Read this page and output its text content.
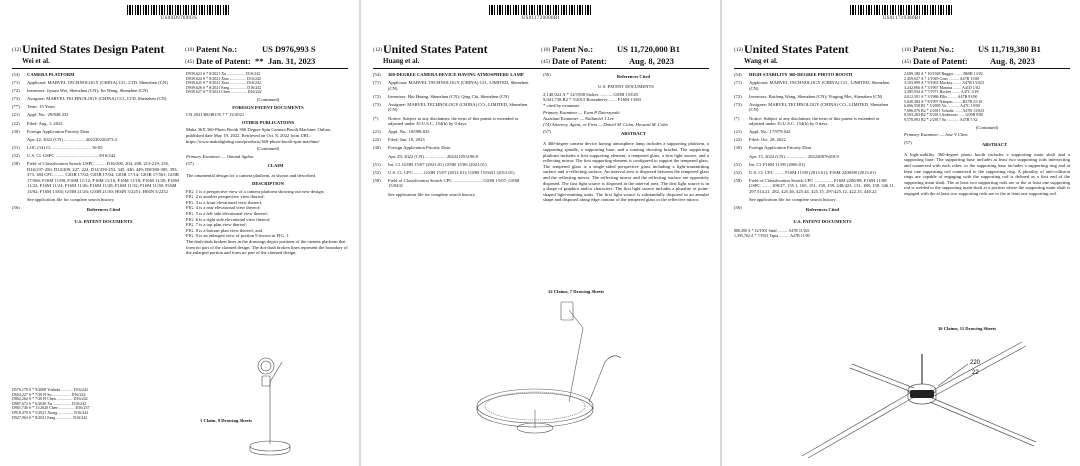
US00D976993S
(12) United States Design Patent
Wei et al.
(10) Patent No.:	US D976,993 S
(45) Date of Patent: ** Jan. 31, 2023
(54)	CAMERA PLATFORM
(71)	Applicant: MARVEL TECHNOLOGY (CHINA) CO., LTD, Shenzhen (CN)
(72)	Inventors: Jiyuan Wei, Shenzhen (CN); Jin Wang, Shenzhen (CN)
(73)	Assignee: MARVEL TECHNOLOGY (CHINA) CO., LTD, Shenzhen (CN)
(**)	Term: 15 Years
(21)	Appl. No.: 29/848,333
(22)	Filed: Aug. 1, 2022
(30)	Foreign Application Priority Data
Apr. 22, 2022 (CN) .................. 202230220473.4
(51)	LOC (14) Cl. ................................. 16-05
(52)	U.S. Cl. USPC ..................................... D16/242
(58)	Field of Classification Search USPC ......... D16/200, 204, 208, 213-219, 235, D16/237-250; D14/209, 227, 224, D14/259-253, 345, 440, 449; D8/380-385, 393, 373, 384 CPC ......... G03B 17/02; G03B 17/04; G03B 17/14; G03B 17/561; G03B 17/566; F16M 11/08; F16M 11/12; F16M 11/16; F16M 11/18; F16M 11/20; F16M 11/22; F16M 11/24; F16M 11/26; F16M 11/28; F16M 11/32; F16M 11/38; F16M 13/02; F16M 13/04; G03B 21/26; G03B 21/30; H04N 5/2251; H04N 5/2252
See application file for complete search history.
(56)	References Cited
U.S. PATENT DOCUMENTS
D576,178 S * 9/2008 Yoshida ............ D16/242
D654,227 S * 7/2019 Su .................. D16/242
D862,262 S * 7/2019 Chen ................ D16/242
D887,672 S * 6/2020 Xu .................. D16/242
D901,746 S * 11/2020 Chen ................ D16/237
D918,470 S * 5/2021 Xiong ............... D16/242
D927,963 S * 8/2021 Fang ................ D16/242
D939,623 S * 8/2021 Xu .................. D16/242
D939,624 S * 8/2021 Xiao ................ D16/242
D939,625 S * 8/2021 Xiao ................ D16/242
D939,626 S * 8/2021 Fang ................ D16/242
D939,627 S * 8/2021 Chen ................ D16/242
(Continued)
FOREIGN PATENT DOCUMENTS

CN 202130048155.7 * 12/2021

OTHER PUBLICATIONS

Maka 36X 360-Photo Booth 360 Degree Spin Camera Booth Machine, Online, published date May 19, 2022. Retrieved on Oct. 8, 2022 from URL: https://www.makalighting.com/products/360-photo-booth-spin-machine/

(Continued)

Primary Examiner — Omand Agdon

(57)	CLAIM

The ornamental design for a camera platform, as shown and described.

DESCRIPTION
FIG. 1 is a perspective view of a camera platform showing our new design;
FIG. 2 is another perspective view thereof;
FIG. 3 is a front elevational view thereof;
FIG. 4 is a rear elevational view thereof;
FIG. 5 is a left side elevational view thereof;
FIG. 6 is a right side elevational view thereof;
FIG. 7 is a top plan view thereof;
FIG. 8 is a bottom plan view thereof; and,
FIG. 9 is an enlarged view of portion 9 shown in FIG. 1.
The dash-dash broken lines in the drawings depict portions of the camera platform that form no part of the claimed design. The dot-dash broken lines represent the boundary of the enlarged portion and form no part of the claimed design.
1 Claim, 9 Drawing Sheets
US011720000B1
(12) United States Patent
Huang et al.
(10) Patent No.:	US 11,720,000 B1
(45) Date of Patent:	Aug. 8, 2023
(54)	360-DEGREE CAMERA DEVICE HAVING ATMOSPHERE LAMP
(71)	Applicant: MARVEL TECHNOLOGY (CHINA) CO., LIMITED, Shenzhen (CN)
(72)	Inventors: Hui Huang, Shenzhen (CN); Qing Chi, Shenzhen (CN)
(73)	Assignee: MARVEL TECHNOLOGY (CHINA) CO., LIMITED, Shenzhen (CN)
(*)	Notice: Subject to any disclaimer, the term of this patent is extended or adjusted under 35 U.S.C. 154(b) by 0 days.
(21)	Appl. No.: 18/098,833
(22)	Filed: Jun. 10, 2023
(30)	Foreign Application Priority Data
Apr. 29, 2022 (CN) .................. 202221053196.8
(51)	Int. Cl. G03B 15/07 (2021.01) G03B 15/06 (2021.01)
(52)	U.S. Cl. CPC ........ G03B 15/07 (2013.01); G03B 15/0431 (2013.01)
(58)	Field of Classification Search CPC ......................... G03B 15/07; G03B 15/0431
See application file for complete search history.
(56)	References Cited
U.S. PATENT DOCUMENTS
2,140,022 A * 12/1938 Stokes ........... G03B 15/025
9,041,738 B2 * 5/2015 Rosenberry ....... F16M 13/00

* cited by examiner

Primary Examiner — Evan P Dzierzynski

Assistant Examiner — Nathaniel J Lee

(74) Attorney, Agent, or Firm — Daniel M. Cohn; Howard M. Cohn

(57)	ABSTRACT

A 360-degree camera device having atmosphere lamp includes a supporting platform, a supporting spindle, a supporting base, and a rotating shooting bracket. The supporting platform includes a first supporting element, a tempered glass, a first light source, and a reflecting mirror. The first supporting element is configured to support the tempered glass. The tempered glass is a single-sided perspective glass including a light-transmitting surface and a reflecting surface. An interval area is disposed between the tempered glass and the reflecting mirror. The reflecting mirror and the reflecting surface are oppositely disposed. The first light source is disposed in the interval area. The first light source is in a shape of graphics and/or characters. The first light source includes a plurality of point-shaped light-emitting units. The first light source is substantially disposed in an annular shape and disposed along edge contour of the tempered glass or the reflective mirror.

12 Claims, 7 Drawing Sheets
US011719380B1
(12) United States Patent
Wang et al.
(10) Patent No.:	US 11,719,380 B1
(45) Date of Patent:	Aug. 8, 2023
(54)	HIGH-STABILITY 360-DEGREE PHOTO BOOTH
(71)	Applicant: MARVEL TECHNOLOGY (CHINA) CO., LIMITED, Shenzhen (CN)
(72)	Inventors: Ruifeng Wang, Shenzhen (CN); Yingtng Mei, Shenzhen (CN)
(73)	Assignee: MARVEL TECHNOLOGY (CHINA) CO., LIMITED, Shenzhen (CN)
(*)	Notice: Subject to any disclaimer, the term of this patent is extended or adjusted under 35 U.S.C. 154(b) by 0 days.
(21)	Appl. No.: 17/979,642
(22)	Filed: Oct. 28, 2022
(30)	Foreign Application Priority Data
Apr. 15, 2022 (CN) .................. 202220876418.9
(51)	Int. Cl. F16M 11/08 (2006.01)
(52)	U.S. Cl. CPC ........ F16M 11/08 (2013.01); F16M 2200/08 (2013.01)
(58)	Field of Classification Search CPC ................ F16M 2200/08; F16M 11/08 USPC ........ 108/27, 155.1, 165, 151, 158, 159, 248/423, 131, 188, 158, 346.11, 297.514.21, 282, 425.46, 425.44, 425.15, 297/425.12, 422.15, 440.22
See application file for complete search history.
(56)	References Cited
U.S. PATENT DOCUMENTS
886,490 A * 12/1901 Sand .......... A47B 11/021
1,395,762 A * 7/1921 Tapia .......... A47B 11/00
2,689,180 A * 10/1928 Bugger ........ B60B 13/02
2,459,027 A * 1/1949 Cons .......... A47B 11/00
3,103,899 A * 9/1963 Mackay ........ A47B 13/023
3,242,066 A * 3/1967 Manosa ........ A41D 1/02
3,385,934 A * 7/1971 Bocker ........ A47C 3/18
4,012,391 A * 3/1986 Ellis ......... A47B 91/00
5,040,384 A * 8/1997 Nampas ........ B27B 21/10
6,066,558 B1 * 5/2005 Vu ............ A47C 19/00
7,006,076 B2 * 2/2011 Schultz ....... A47B 13/023
8,503,283 B2 * 8/2013 Ambrosio ...... G09B 9/00
9,578,993 B2 * 2/2017 Su ............ A47B 7/32
(Continued)

Primary Examiner — Jose V Chen

(57)	ABSTRACT

A high-stability 360-degree photo booth includes a supporting main shaft and a supporting base. The supporting base includes at least two supporting rods intersecting and connected with each other, or the supporting base includes a supporting ring and at least one supporting rod connected to the supporting ring. A plurality of anti-collision rings are capable of engaging with the supporting rod is defined as a first end of the supporting main shaft. The at least two supporting rods are or the at least one supporting rod is welded to the supporting main shaft at a portion where the supporting main shaft is engaged with the at least two supporting rods are or the at least one supporting rod.

16 Claims, 11 Drawing Sheets
220
22
